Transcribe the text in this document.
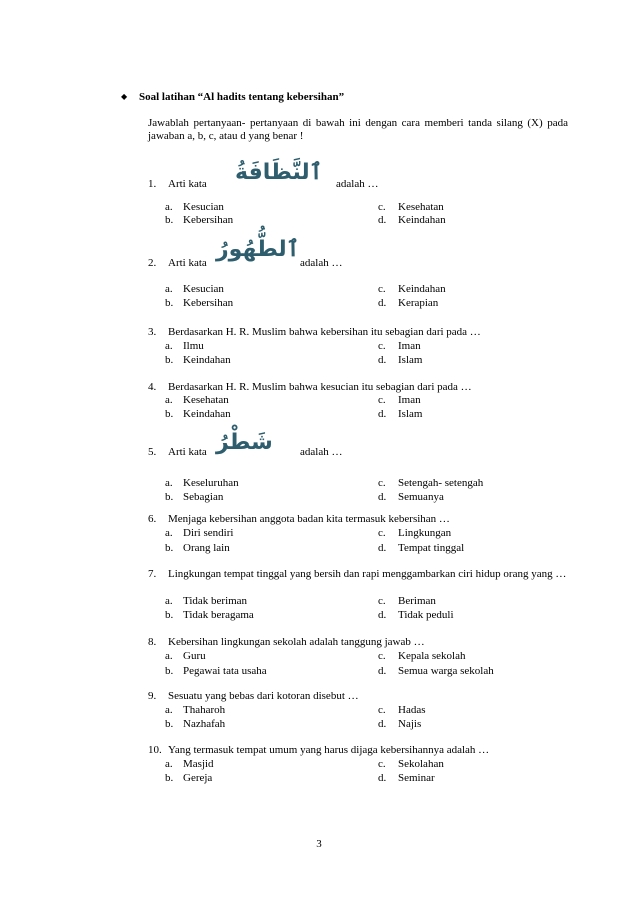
◆ Soal latihan “Al hadits tentang kebersihan”
Jawablah pertanyaan- pertanyaan di bawah ini dengan cara memberi tanda silang (X) pada jawaban a, b, c, atau d yang benar !
1. Arti kata ٱلنَّظَافَةُ adalah …
a. Kesucian	c. Kesehatan
b. Kebersihan	d. Keindahan
2. Arti kata
ٱلطُّهُورُ
adalah …
a. Kesucian	c. Keindahan
b. Kebersihan	d. Kerapian
3. Berdasarkan H. R. Muslim bahwa kebersihan itu sebagian dari pada …
a. Ilmu	c. Iman
b. Keindahan	d. Islam
4. Berdasarkan H. R. Muslim bahwa kesucian itu sebagian dari pada …
a. Kesehatan	c. Iman
b. Keindahan	d. Islam
5. Arti kata شَطْرُ adalah …
a. Keseluruhan	c. Setengah- setengah
b. Sebagian	d. Semuanya
6. Menjaga kebersihan anggota badan kita termasuk kebersihan …
a. Diri sendiri	c. Lingkungan
b. Orang lain	d. Tempat tinggal
7. Lingkungan tempat tinggal yang bersih dan rapi menggambarkan ciri hidup orang yang …
a. Tidak beriman	c. Beriman
b. Tidak beragama	d. Tidak peduli
8. Kebersihan lingkungan sekolah adalah tanggung jawab …
a. Guru	c. Kepala sekolah
b. Pegawai tata usaha	d. Semua warga sekolah
9. Sesuatu yang bebas dari kotoran disebut …
a. Thaharoh	c. Hadas
b. Nazhafah	d. Najis
10. Yang termasuk tempat umum yang harus dijaga kebersihannya adalah …
a. Masjid	c. Sekolahan
b. Gereja	d. Seminar
3
